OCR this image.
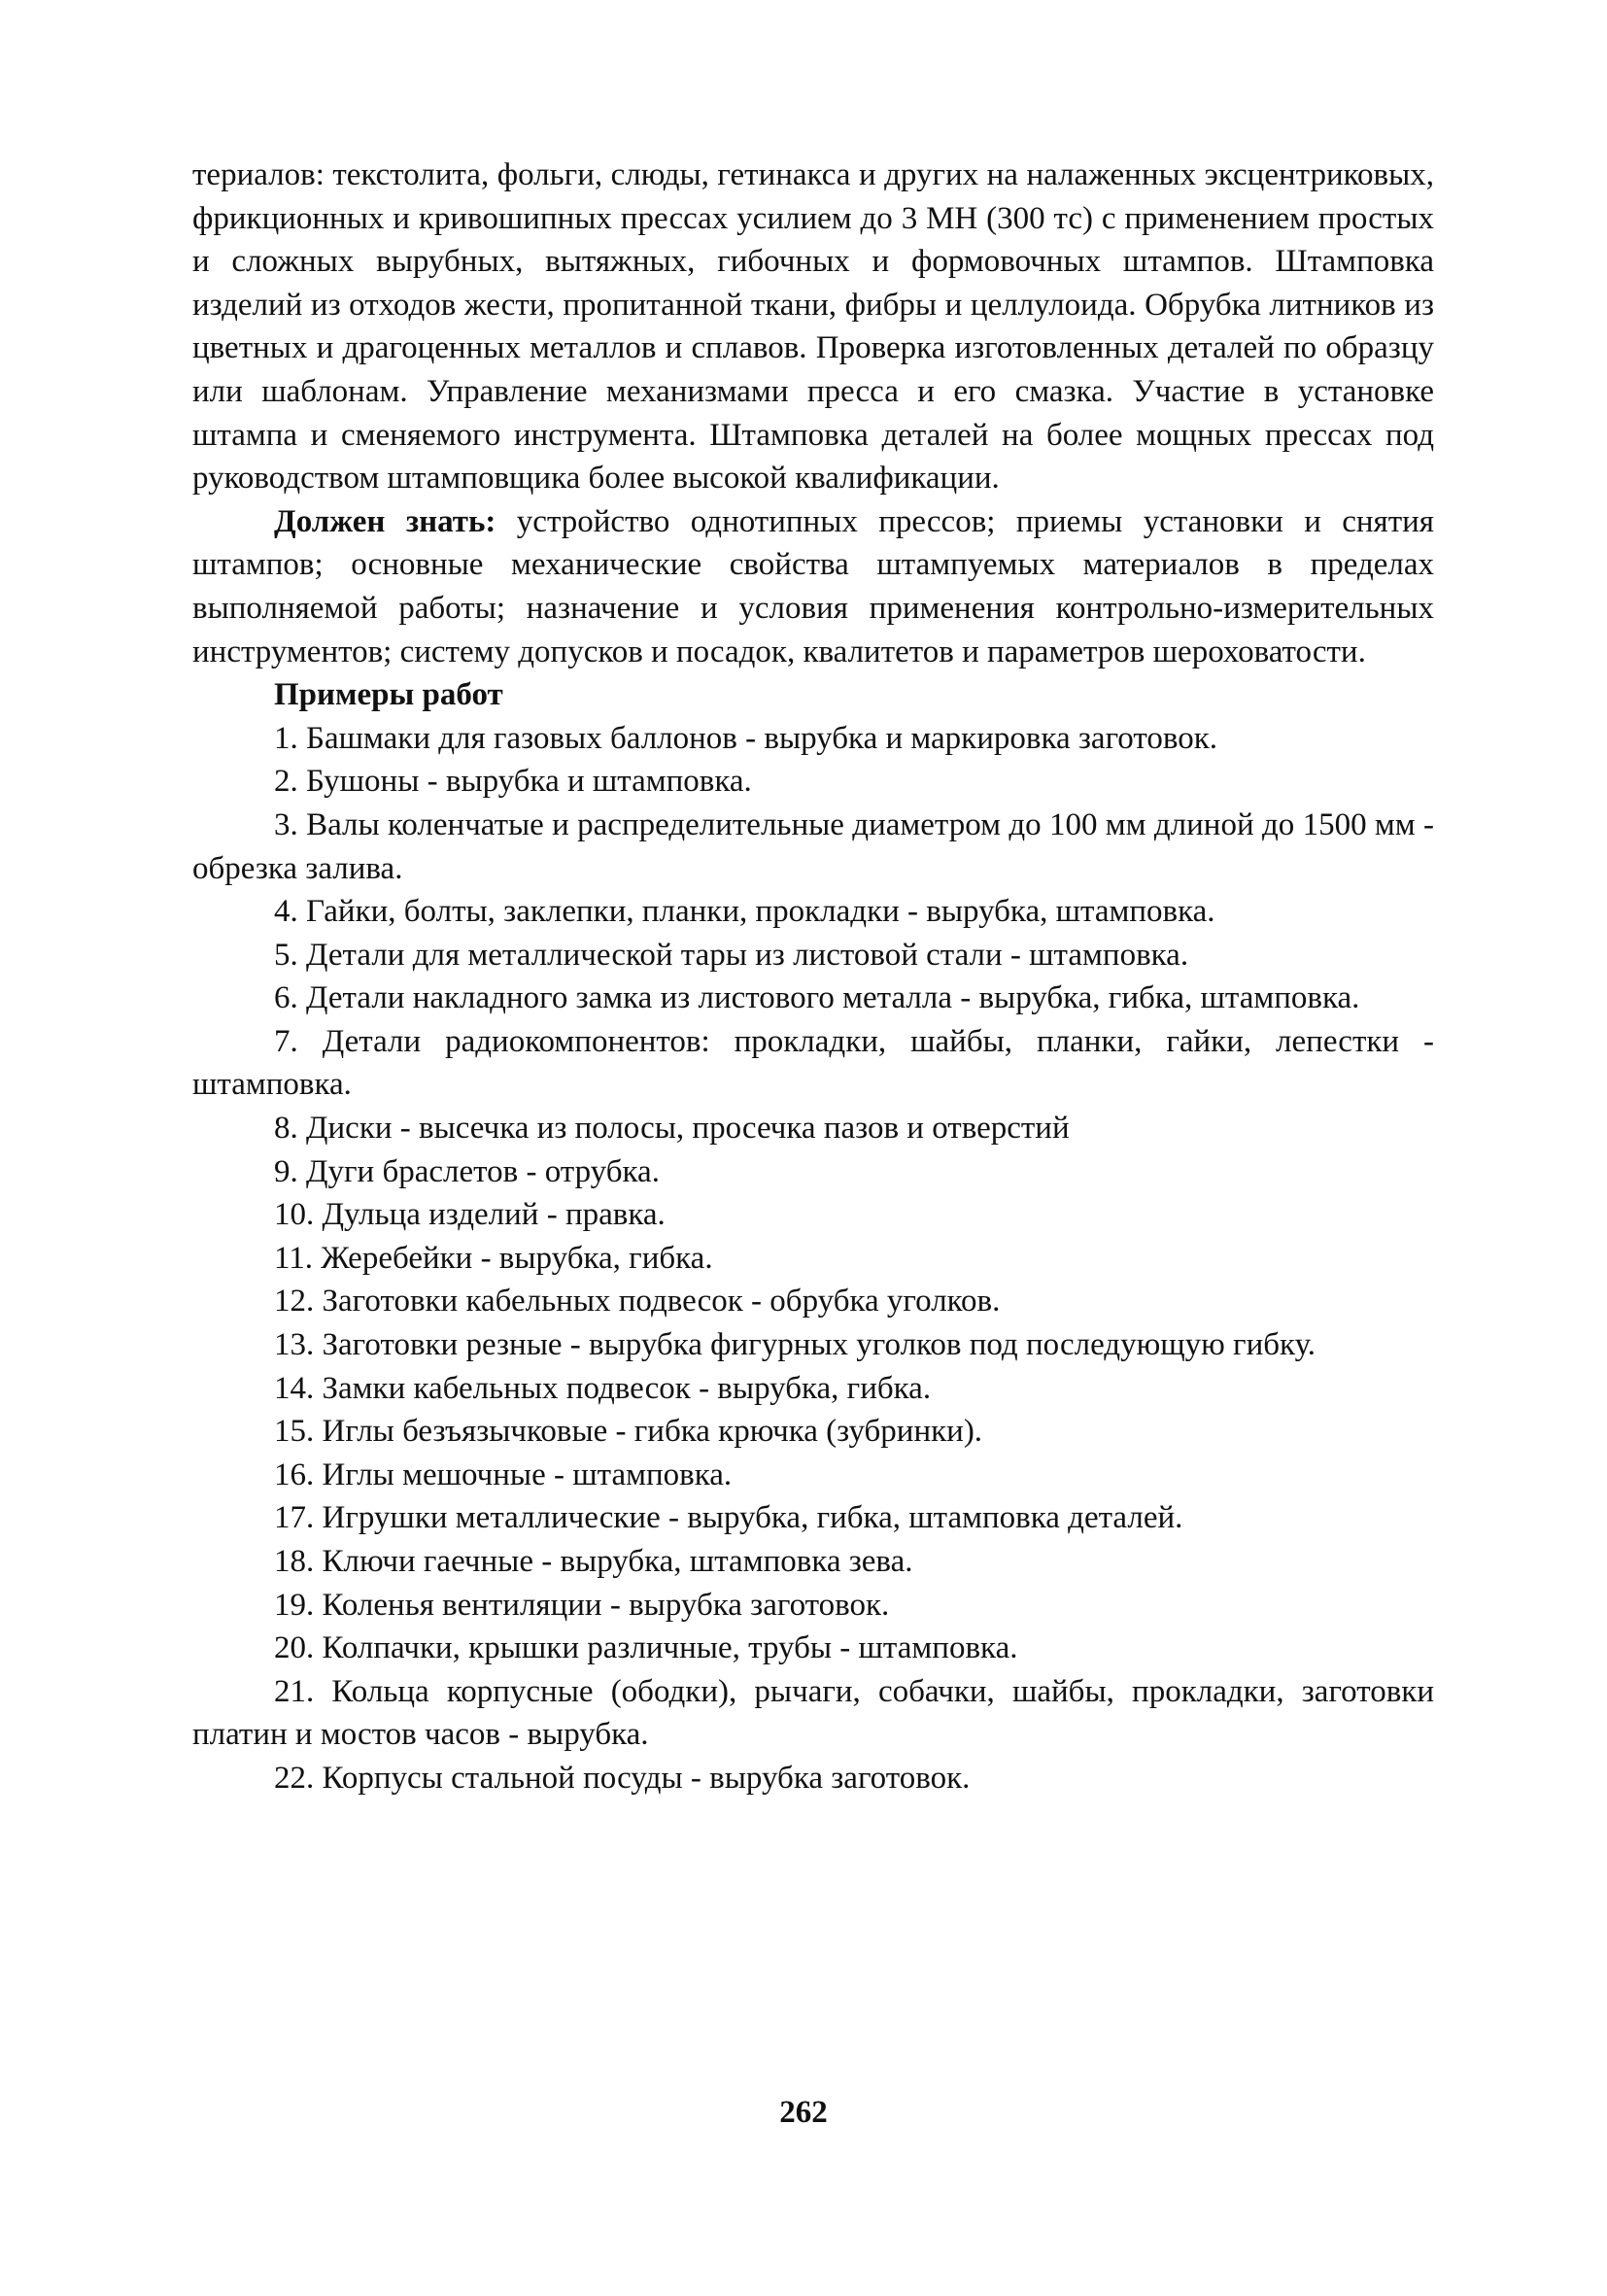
териалов: текстолита, фольги, слюды, гетинакса и других на налаженных эксцентриковых, фрикционных и кривошипных прессах усилием до 3 МН (300 тс) с применением простых и сложных вырубных, вытяжных, гибочных и формовочных штампов. Штамповка изделий из отходов жести, пропитанной ткани, фибры и целлулоида. Обрубка литников из цветных и драгоценных металлов и сплавов. Проверка изготовленных деталей по образцу или шаблонам. Управление механизмами пресса и его смазка. Участие в установке штампа и сменяемого инструмента. Штамповка деталей на более мощных прессах под руководством штамповщика более высокой квалификации.

Должен знать: устройство однотипных прессов; приемы установки и снятия штампов; основные механические свойства штампуемых материалов в пределах выполняемой работы; назначение и условия применения контрольно-измерительных инструментов; систему допусков и посадок, квалитетов и параметров шероховатости.

Примеры работ

1. Башмаки для газовых баллонов - вырубка и маркировка заготовок.
2. Бушоны - вырубка и штамповка.
3. Валы коленчатые и распределительные диаметром до 100 мм длиной до 1500 мм - обрезка залива.
4. Гайки, болты, заклепки, планки, прокладки - вырубка, штамповка.
5. Детали для металлической тары из листовой стали - штамповка.
6. Детали накладного замка из листового металла - вырубка, гибка, штамповка.
7. Детали радиокомпонентов: прокладки, шайбы, планки, гайки, лепестки - штамповка.
8. Диски - высечка из полосы, просечка пазов и отверстий
9. Дуги браслетов - отрубка.
10. Дульца изделий - правка.
11. Жеребейки - вырубка, гибка.
12. Заготовки кабельных подвесок - обрубка уголков.
13. Заготовки резные - вырубка фигурных уголков под последующую гибку.
14. Замки кабельных подвесок - вырубка, гибка.
15. Иглы безъязычковые - гибка крючка (зубринки).
16. Иглы мешочные - штамповка.
17. Игрушки металлические - вырубка, гибка, штамповка деталей.
18. Ключи гаечные - вырубка, штамповка зева.
19. Коленья вентиляции - вырубка заготовок.
20. Колпачки, крышки различные, трубы - штамповка.
21. Кольца корпусные (ободки), рычаги, собачки, шайбы, прокладки, заготовки платин и мостов часов - вырубка.
22. Корпусы стальной посуды - вырубка заготовок.
262
